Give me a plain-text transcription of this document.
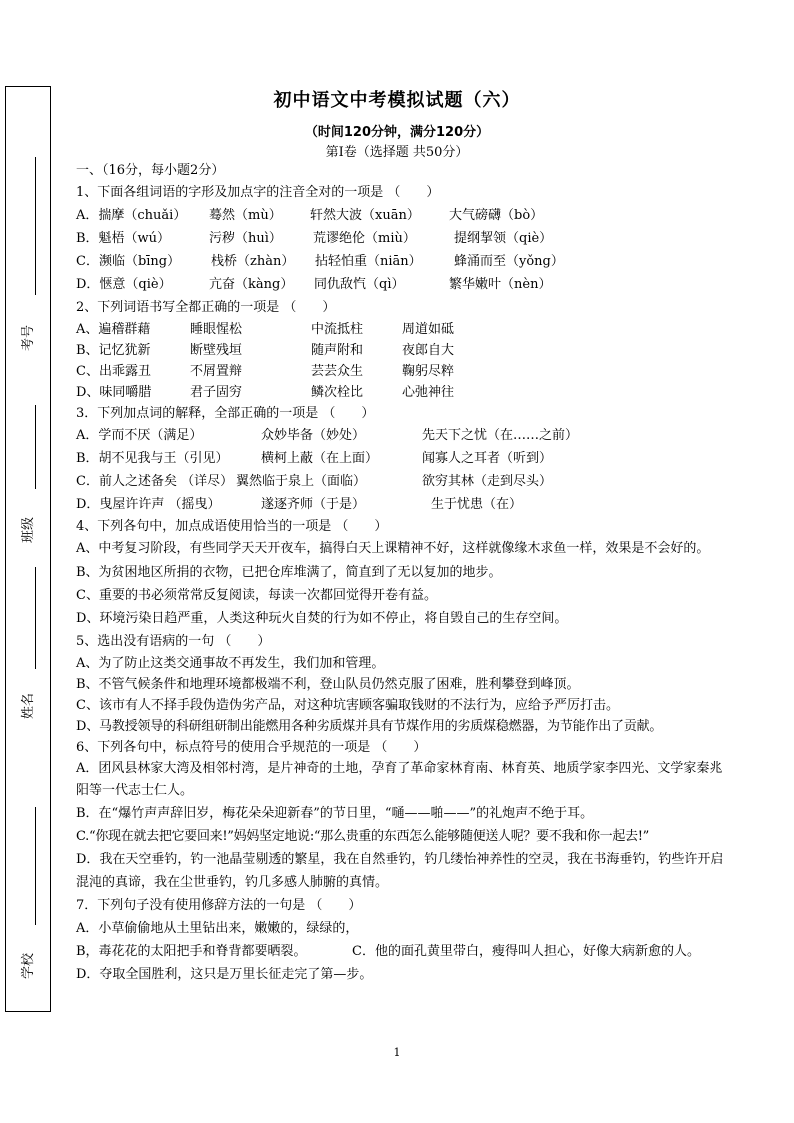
考号
班级
姓名
学校
初中语文中考模拟试题（六）
（时间120分钟，满分120分）
第Ⅰ卷（选择题 共50分）
一、（16分，每小题2分）
1、下面各组词语的字形及加点字的注音全对的一项是 （　　）
A．揣摩（chuǎi） 蓦然（mù） 轩然大波（xuān） 大气磅礴（bò）
B．魁梧（wú）	污秽（huì） 荒谬绝伦（miù）	提纲挈领（qiè）
C．濒临（bīng） 栈桥（zhàn） 拈轻怕重（niān） 蜂涌而至（yǒng）
D．惬意（qiè）	亢奋（kàng） 同仇敌忾（qì）	繁华嫩叶（nèn）
2、下列词语书写全都正确的一项是 （　　）
A、遍稽群藉	睡眼惺松	中流抵柱	周道如砥
B、记忆犹新	断壁残垣	随声附和	夜郎自大
C、出乖露丑	不屑置辩	芸芸众生	鞠躬尽粹
D、味同嚼腊	君子固穷	鳞次栓比	心弛神往
3．下列加点词的解释，全部正确的一项是 （　　）
A．学而不厌（满足）	众妙毕备（妙处）	先天下之忧（在……之前）
B．胡不见我与王（引见） 横柯上蔽（在上面）	闻寡人之耳者（听到）
C．前人之述备矣 （详尽） 翼然临于泉上（面临）	欲穷其林（走到尽头）
D．曳屋许许声 （摇曳）	遂逐齐师（于是）	生于忧患（在）
4、下列各句中，加点成语使用恰当的一项是 （　　）
A、中考复习阶段，有些同学天天开夜车，搞得白天上课精神不好，这样就像缘木求鱼一样，效果是不会好的。
B、为贫困地区所捐的衣物，已把仓库堆满了，简直到了无以复加的地步。
C、重要的书必须常常反复阅读，每读一次都回觉得开卷有益。
D、环境污染日趋严重，人类这种玩火自焚的行为如不停止，将自毁自己的生存空间。
5、选出没有语病的一句 （　　）
A、为了防止这类交通事故不再发生，我们加和管理。
B、不管气候条件和地理环境都极端不利，登山队员仍然克服了困难，胜利攀登到峰顶。
C、该市有人不择手段伪造伪劣产品，对这种坑害顾客骗取钱财的不法行为，应给予严厉打击。
D、马教授领导的科研组研制出能燃用各种劣质煤并具有节煤作用的劣质煤稳燃器，为节能作出了贡献。
6、下列各句中，标点符号的使用合乎规范的一项是 （　　）
A．团风县林家大湾及相邻村湾，是片神奇的土地，孕育了革命家林育南、林育英、地质学家李四光、文学家秦兆阳等一代志士仁人。
B．在“爆竹声声辞旧岁，梅花朵朵迎新春”的节日里，“嗵——啪——”的礼炮声不绝于耳。
C.“你现在就去把它要回来!”妈妈坚定地说:“那么贵重的东西怎么能够随便送人呢？要不我和你一起去!”
D．我在天空垂钓，钓一池晶莹剔透的繁星，我在自然垂钓，钓几缕怡神养性的空灵，我在书海垂钓，钓些许开启混沌的真谛，我在尘世垂钓，钓几多感人肺腑的真情。
7．下列句子没有使用修辞方法的一句是 （　　）
A．小草偷偷地从土里钻出来，嫩嫩的，绿绿的，
B，毒花花的太阳把手和脊背都要晒裂。	C．他的面孔黄里带白，瘦得叫人担心，好像大病新愈的人。
D．夺取全国胜利，这只是万里长征走完了第—步。
1
